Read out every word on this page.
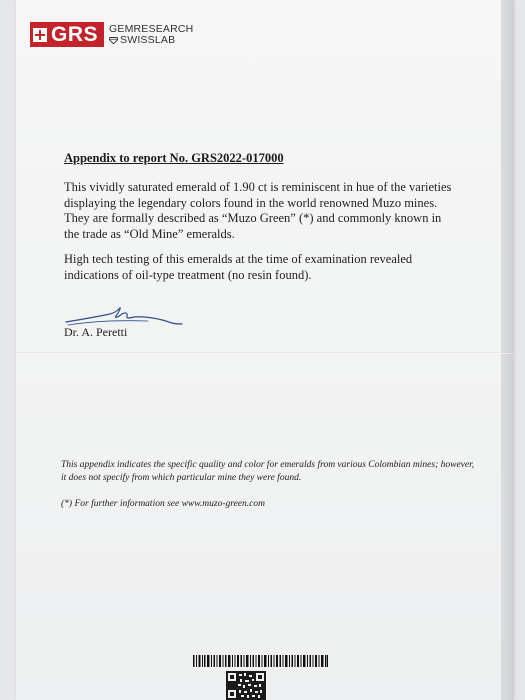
GRS GEMRESEARCH
SWISSLAB
Appendix to report No. GRS2022-017000

This vividly saturated emerald of 1.90 ct is reminiscent in hue of the varieties displaying the legendary colors found in the world renowned Muzo mines. They are formally described as “Muzo Green” (*) and commonly known in the trade as “Old Mine” emeralds.

High tech testing of this emeralds at the time of examination revealed indications of oil-type treatment (no resin found).

Dr. A. Peretti

This appendix indicates the specific quality and color for emeralds from various Colombian mines; however, it does not specify from which particular mine they were found.

(*) For further information see www.muzo-green.com
